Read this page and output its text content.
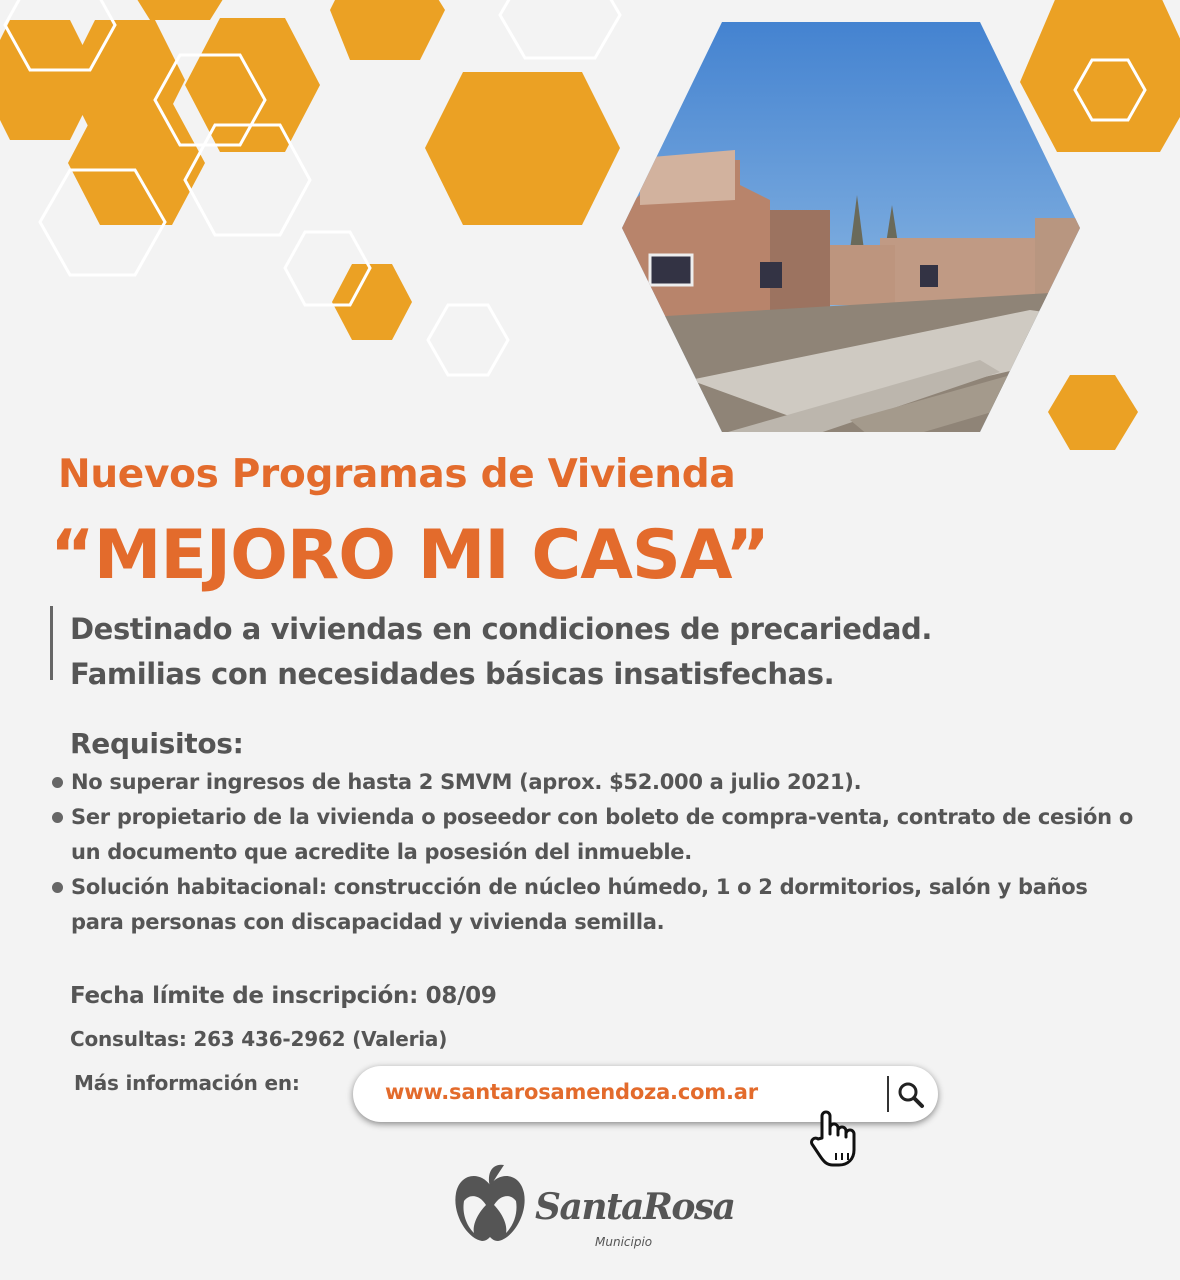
Nuevos Programas de Vivienda
“MEJORO MI CASA”
Destinado a viviendas en condiciones de precariedad.
Familias con necesidades básicas insatisfechas.
Requisitos:
No superar ingresos de hasta 2 SMVM (aprox. $52.000 a julio 2021).
Ser propietario de la vivienda o poseedor con boleto de compra-venta, contrato de cesión o un documento que acredite la posesión del inmueble.
Solución habitacional: construcción de núcleo húmedo, 1 o 2 dormitorios, salón y baños para personas con discapacidad y vivienda semilla.
Fecha límite de inscripción: 08/09
Consultas: 263 436-2962 (Valeria)
Más información en:	www.santarosamendoza.com.ar
SantaRosa
Municipio
